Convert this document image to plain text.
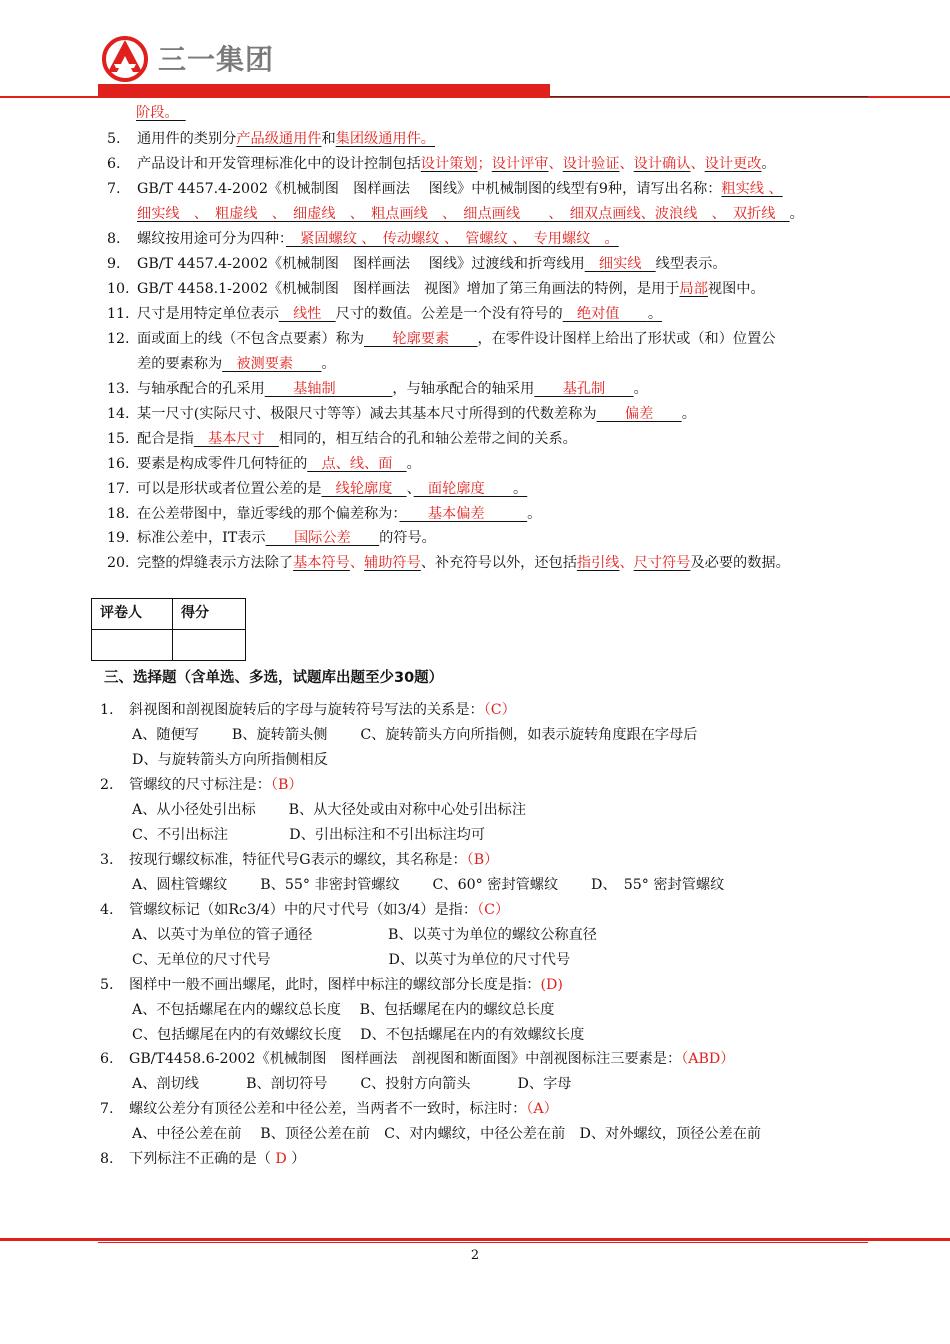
三一集团
阶段。　
5. 通用件的类别分产品级通用件和集团级通用件。
6. 产品设计和开发管理标准化中的设计控制包括设计策划；设计评审、设计验证、设计确认、设计更改。
7. GB/T 4457.4-2002《机械制图　图样画法　 图线》中机械制图的线型有9种，请写出名称：粗实线 、
细实线　、　粗虚线　、　细虚线　、　粗点画线　、　细点画线　　、　细双点画线、波浪线　、　双折线　 。
8. 螺纹按用途可分为四种：　紧固螺纹 、　传动螺纹 、　管螺纹 、　专用螺纹　。
9. GB/T 4457.4-2002《机械制图　图样画法　 图线》过渡线和折弯线用　细实线　线型表示。
10. GB/T 4458.1-2002《机械制图　图样画法　视图》增加了第三角画法的特例，是用于局部视图中。
11. 尺寸是用特定单位表示　线性　尺寸的数值。公差是一个没有符号的　绝对值　　。
12. 面或面上的线（不包含点要素）称为　　轮廓要素　　，在零件设计图样上给出了形状或（和）位置公
差的要素称为　被测要素　　。
13. 与轴承配合的孔采用　　基轴制　　　　，与轴承配合的轴采用　　基孔制　　。
14. 某一尺寸(实际尺寸、极限尺寸等等）减去其基本尺寸所得到的代数差称为　　偏差　　。
15. 配合是指　基本尺寸　相同的，相互结合的孔和轴公差带之间的关系。
16. 要素是构成零件几何特征的　点、线、面　。
17. 可以是形状或者位置公差的是　线轮廓度　、　面轮廓度　　。
18. 在公差带图中，靠近零线的那个偏差称为：　　基本偏差　　　。
19. 标准公差中，IT表示　　国际公差　　的符号。
20. 完整的焊缝表示方法除了基本符号、辅助符号、补充符号以外，还包括指引线、尺寸符号及必要的数据。
评卷人	得分

三、选择题（含单选、多选，试题库出题至少30题）
1. 斜视图和剖视图旋转后的字母与旋转符号写法的关系是：（C）
A、随便写　　 B、旋转箭头侧　　 C、旋转箭头方向所指侧，如表示旋转角度跟在字母后
D、与旋转箭头方向所指侧相反
2. 管螺纹的尺寸标注是：（B）
A、从小径处引出标　　 B、从大径处或由对称中心处引出标注
C、不引出标注　　　　 D、引出标注和不引出标注均可
3. 按现行螺纹标准，特征代号G表示的螺纹，其名称是：（B）
A、圆柱管螺纹　　 B、55° 非密封管螺纹　　 C、60° 密封管螺纹　　 D、　55° 密封管螺纹
4. 管螺纹标记（如Rc3/4）中的尺寸代号（如3/4）是指：（C）
A、以英寸为单位的管子通径　　　　　 B、以英寸为单位的螺纹公称直径
C、无单位的尺寸代号　　　　　　　　 D、以英寸为单位的尺寸代号
5. 图样中一般不画出螺尾，此时，图样中标注的螺纹部分长度是指：(D)
A、不包括螺尾在内的螺纹总长度　 B、包括螺尾在内的螺纹总长度
C、包括螺尾在内的有效螺纹长度　 D、不包括螺尾在内的有效螺纹长度
6. GB/T4458.6-2002《机械制图　图样画法　剖视图和断面图》中剖视图标注三要素是：（ABD）
A、剖切线　　　 B、剖切符号　　 C、投射方向箭头　　　 D、字母
7. 螺纹公差分有顶径公差和中径公差，当两者不一致时，标注时：（A）
A、中径公差在前　 B、顶径公差在前　C、对内螺纹，中径公差在前　D、对外螺纹，顶径公差在前
8. 下列标注不正确的是（ D ）
2
